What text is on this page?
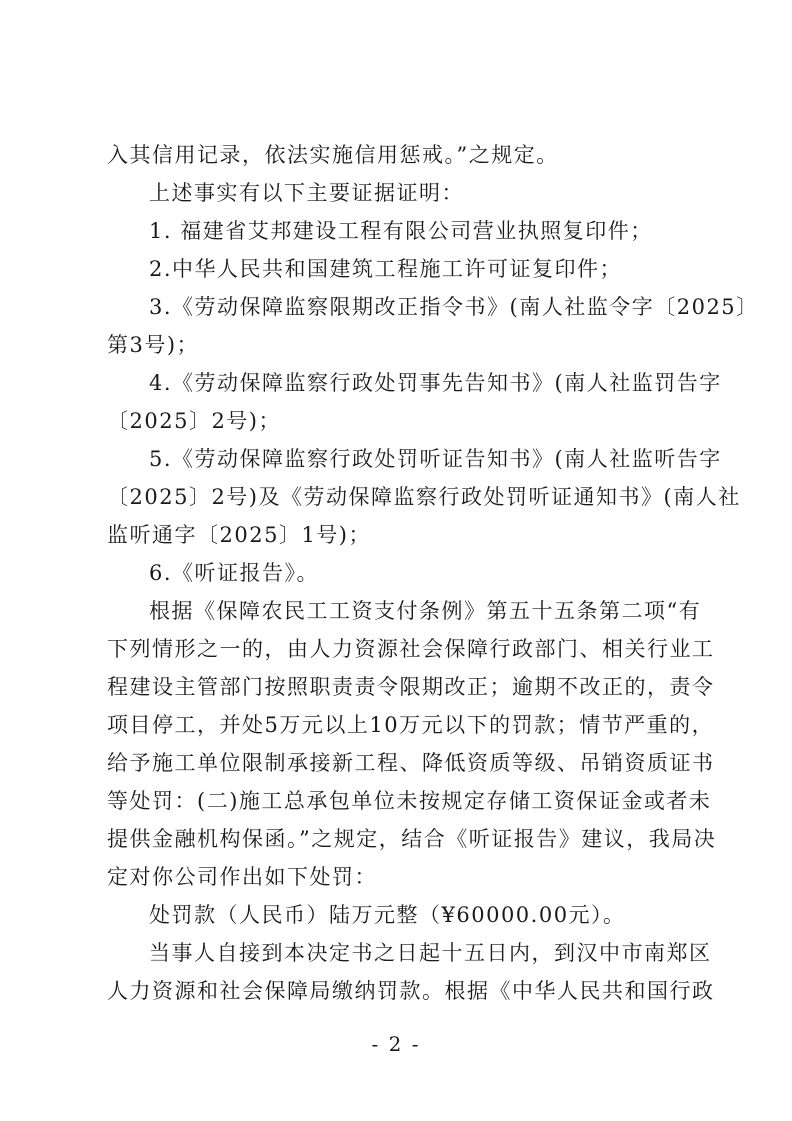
入其信用记录，依法实施信用惩戒。”之规定。
上述事实有以下主要证据证明：
1. 福建省艾邦建设工程有限公司营业执照复印件；
2.中华人民共和国建筑工程施工许可证复印件；
3.《劳动保障监察限期改正指令书》(南人社监令字〔2025〕
第3号)；
4.《劳动保障监察行政处罚事先告知书》(南人社监罚告字
〔2025〕2号)；
5.《劳动保障监察行政处罚听证告知书》(南人社监听告字
〔2025〕2号)及《劳动保障监察行政处罚听证通知书》(南人社
监听通字〔2025〕1号)；
6.《听证报告》。
根据《保障农民工工资支付条例》第五十五条第二项“有
下列情形之一的，由人力资源社会保障行政部门、相关行业工
程建设主管部门按照职责责令限期改正；逾期不改正的，责令
项目停工，并处5万元以上10万元以下的罚款；情节严重的，
给予施工单位限制承接新工程、降低资质等级、吊销资质证书
等处罚：(二)施工总承包单位未按规定存储工资保证金或者未
提供金融机构保函。”之规定，结合《听证报告》建议，我局决
定对你公司作出如下处罚：
处罚款（人民币）陆万元整（¥60000.00元）。
当事人自接到本决定书之日起十五日内，到汉中市南郑区
人力资源和社会保障局缴纳罚款。根据《中华人民共和国行政
- 2 -
